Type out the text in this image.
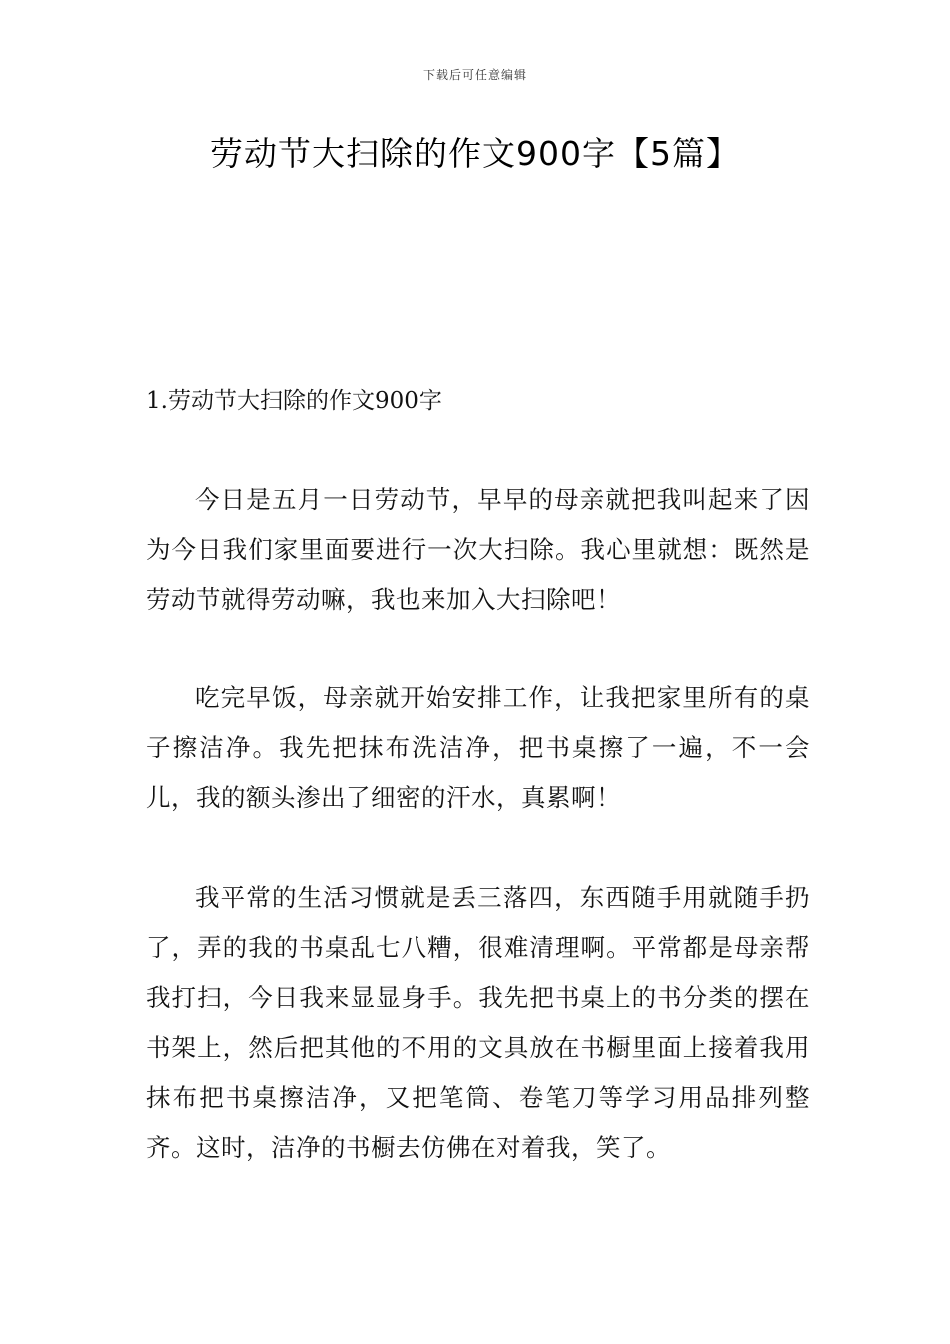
下载后可任意编辑
劳动节大扫除的作文900字【5篇】
1.劳动节大扫除的作文900字

今日是五月一日劳动节，早早的母亲就把我叫起来了因为今日我们家里面要进行一次大扫除。我心里就想：既然是劳动节就得劳动嘛，我也来加入大扫除吧！

吃完早饭，母亲就开始安排工作，让我把家里所有的桌子擦洁净。我先把抹布洗洁净，把书桌擦了一遍，不一会儿，我的额头渗出了细密的汗水，真累啊！

我平常的生活习惯就是丢三落四，东西随手用就随手扔了，弄的我的书桌乱七八糟，很难清理啊。平常都是母亲帮我打扫，今日我来显显身手。我先把书桌上的书分类的摆在书架上，然后把其他的不用的文具放在书橱里面上接着我用抹布把书桌擦洁净，又把笔筒、卷笔刀等学习用品排列整齐。这时，洁净的书橱去仿佛在对着我，笑了。
